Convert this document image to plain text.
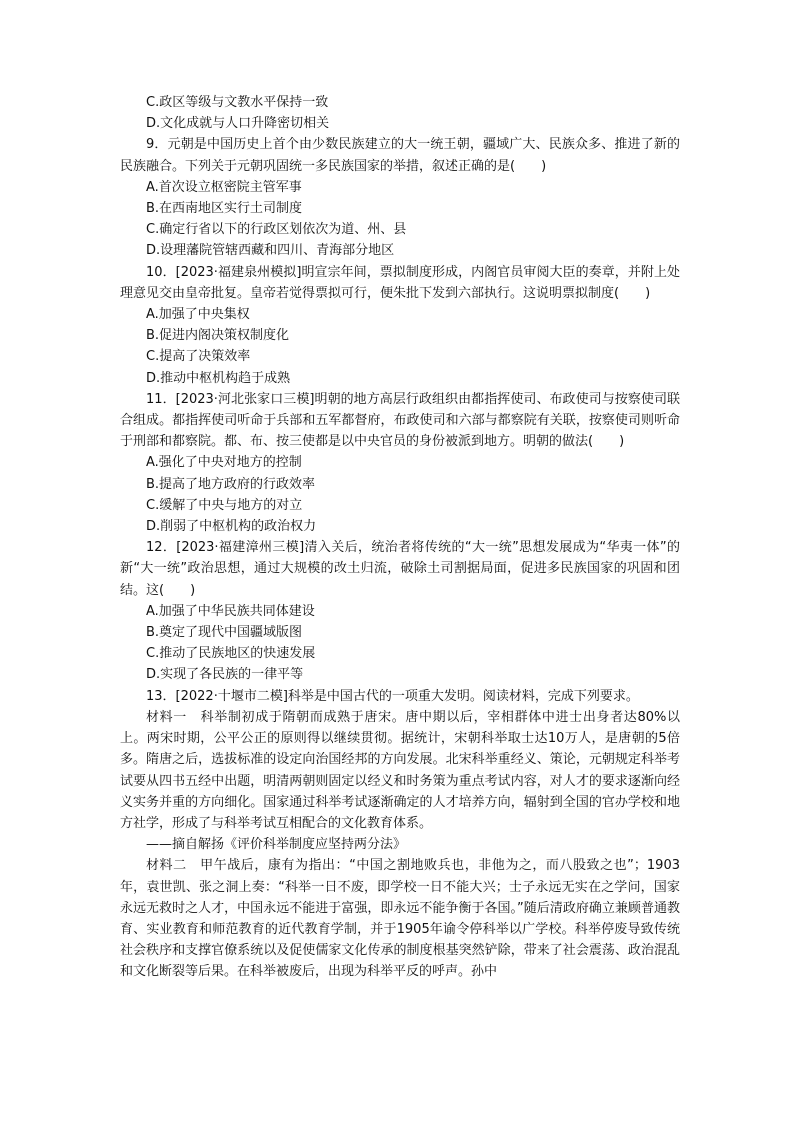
C.政区等级与文教水平保持一致
D.文化成就与人口升降密切相关
9．元朝是中国历史上首个由少数民族建立的大一统王朝，疆域广大、民族众多、推进了新的民族融合。下列关于元朝巩固统一多民族国家的举措，叙述正确的是(　　)
A.首次设立枢密院主管军事
B.在西南地区实行土司制度
C.确定行省以下的行政区划依次为道、州、县
D.设理藩院管辖西藏和四川、青海部分地区
10．[2023·福建泉州模拟]明宣宗年间，票拟制度形成，内阁官员审阅大臣的奏章，并附上处理意见交由皇帝批复。皇帝若觉得票拟可行，便朱批下发到六部执行。这说明票拟制度(　　)
A.加强了中央集权
B.促进内阁决策权制度化
C.提高了决策效率
D.推动中枢机构趋于成熟
11．[2023·河北张家口三模]明朝的地方高层行政组织由都指挥使司、布政使司与按察使司联合组成。都指挥使司听命于兵部和五军都督府，布政使司和六部与都察院有关联，按察使司则听命于刑部和都察院。都、布、按三使都是以中央官员的身份被派到地方。明朝的做法(　　)
A.强化了中央对地方的控制
B.提高了地方政府的行政效率
C.缓解了中央与地方的对立
D.削弱了中枢机构的政治权力
12．[2023·福建漳州三模]清入关后，统治者将传统的“大一统”思想发展成为“华夷一体”的新“大一统”政治思想，通过大规模的改土归流，破除土司割据局面，促进多民族国家的巩固和团结。这(　　)
A.加强了中华民族共同体建设
B.奠定了现代中国疆域版图
C.推动了民族地区的快速发展
D.实现了各民族的一律平等
13．[2022·十堰市二模]科举是中国古代的一项重大发明。阅读材料，完成下列要求。
材料一　科举制初成于隋朝而成熟于唐宋。唐中期以后，宰相群体中进士出身者达80%以上。两宋时期，公平公正的原则得以继续贯彻。据统计，宋朝科举取士达10万人，是唐朝的5倍多。隋唐之后，选拔标准的设定向治国经邦的方向发展。北宋科举重经义、策论，元朝规定科举考试要从四书五经中出题，明清两朝则固定以经义和时务策为重点考试内容，对人才的要求逐渐向经义实务并重的方向细化。国家通过科举考试逐渐确定的人才培养方向，辐射到全国的官办学校和地方社学，形成了与科举考试互相配合的文化教育体系。
——摘自解扬《评价科举制度应坚持两分法》
材料二　甲午战后，康有为指出：“中国之割地败兵也，非他为之，而八股致之也”；1903年，袁世凯、张之洞上奏：“科举一日不废，即学校一日不能大兴；士子永远无实在之学问，国家永远无救时之人才，中国永远不能进于富强，即永远不能争衡于各国。”随后清政府确立兼顾普通教育、实业教育和师范教育的近代教育学制，并于1905年谕令停科举以广学校。科举停废导致传统社会秩序和支撑官僚系统以及促使儒家文化传承的制度根基突然铲除，带来了社会震荡、政治混乱和文化断裂等后果。在科举被废后，出现为科举平反的呼声。孙中
